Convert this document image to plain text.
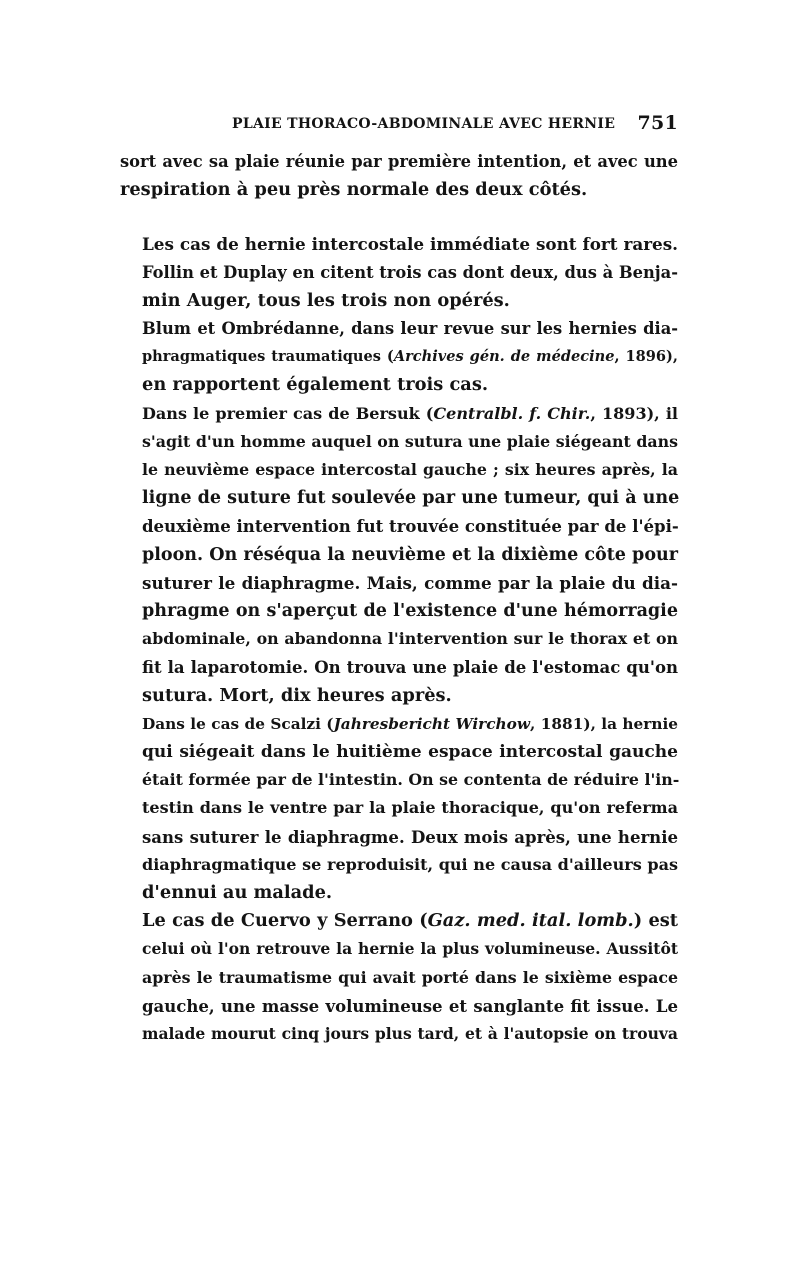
PLAIE THORACO-ABDOMINALE AVEC HERNIE 751

sort avec sa plaie réunie par première intention, et avec une
respiration à peu près normale des deux côtés.

Les cas de hernie intercostale immédiate sont fort rares.
Follin et Duplay en citent trois cas dont deux, dus à Benja-
min Auger, tous les trois non opérés.

Blum et Ombrédanne, dans leur revue sur les hernies dia-
phragmatiques traumatiques (Archives gén. de médecine, 1896),
en rapportent également trois cas.

Dans le premier cas de Bersuk (Centralbl. f. Chir., 1893), il
s'agit d'un homme auquel on sutura une plaie siégeant dans
le neuvième espace intercostal gauche ; six heures après, la
ligne de suture fut soulevée par une tumeur, qui à une
deuxième intervention fut trouvée constituée par de l'épi-
ploon. On réséqua la neuvième et la dixième côte pour
suturer le diaphragme. Mais, comme par la plaie du dia-
phragme on s'aperçut de l'existence d'une hémorragie
abdominale, on abandonna l'intervention sur le thorax et on
fit la laparotomie. On trouva une plaie de l'estomac qu'on
sutura. Mort, dix heures après.

Dans le cas de Scalzi (Jahresbericht Wirchow, 1881), la hernie
qui siégeait dans le huitième espace intercostal gauche
était formée par de l'intestin. On se contenta de réduire l'in-
testin dans le ventre par la plaie thoracique, qu'on referma
sans suturer le diaphragme. Deux mois après, une hernie
diaphragmatique se reproduisit, qui ne causa d'ailleurs pas
d'ennui au malade.

Le cas de Cuervo y Serrano (Gaz. med. ital. lomb.) est
celui où l'on retrouve la hernie la plus volumineuse. Aussitôt
après le traumatisme qui avait porté dans le sixième espace
gauche, une masse volumineuse et sanglante fit issue. Le
malade mourut cinq jours plus tard, et à l'autopsie on trouva
